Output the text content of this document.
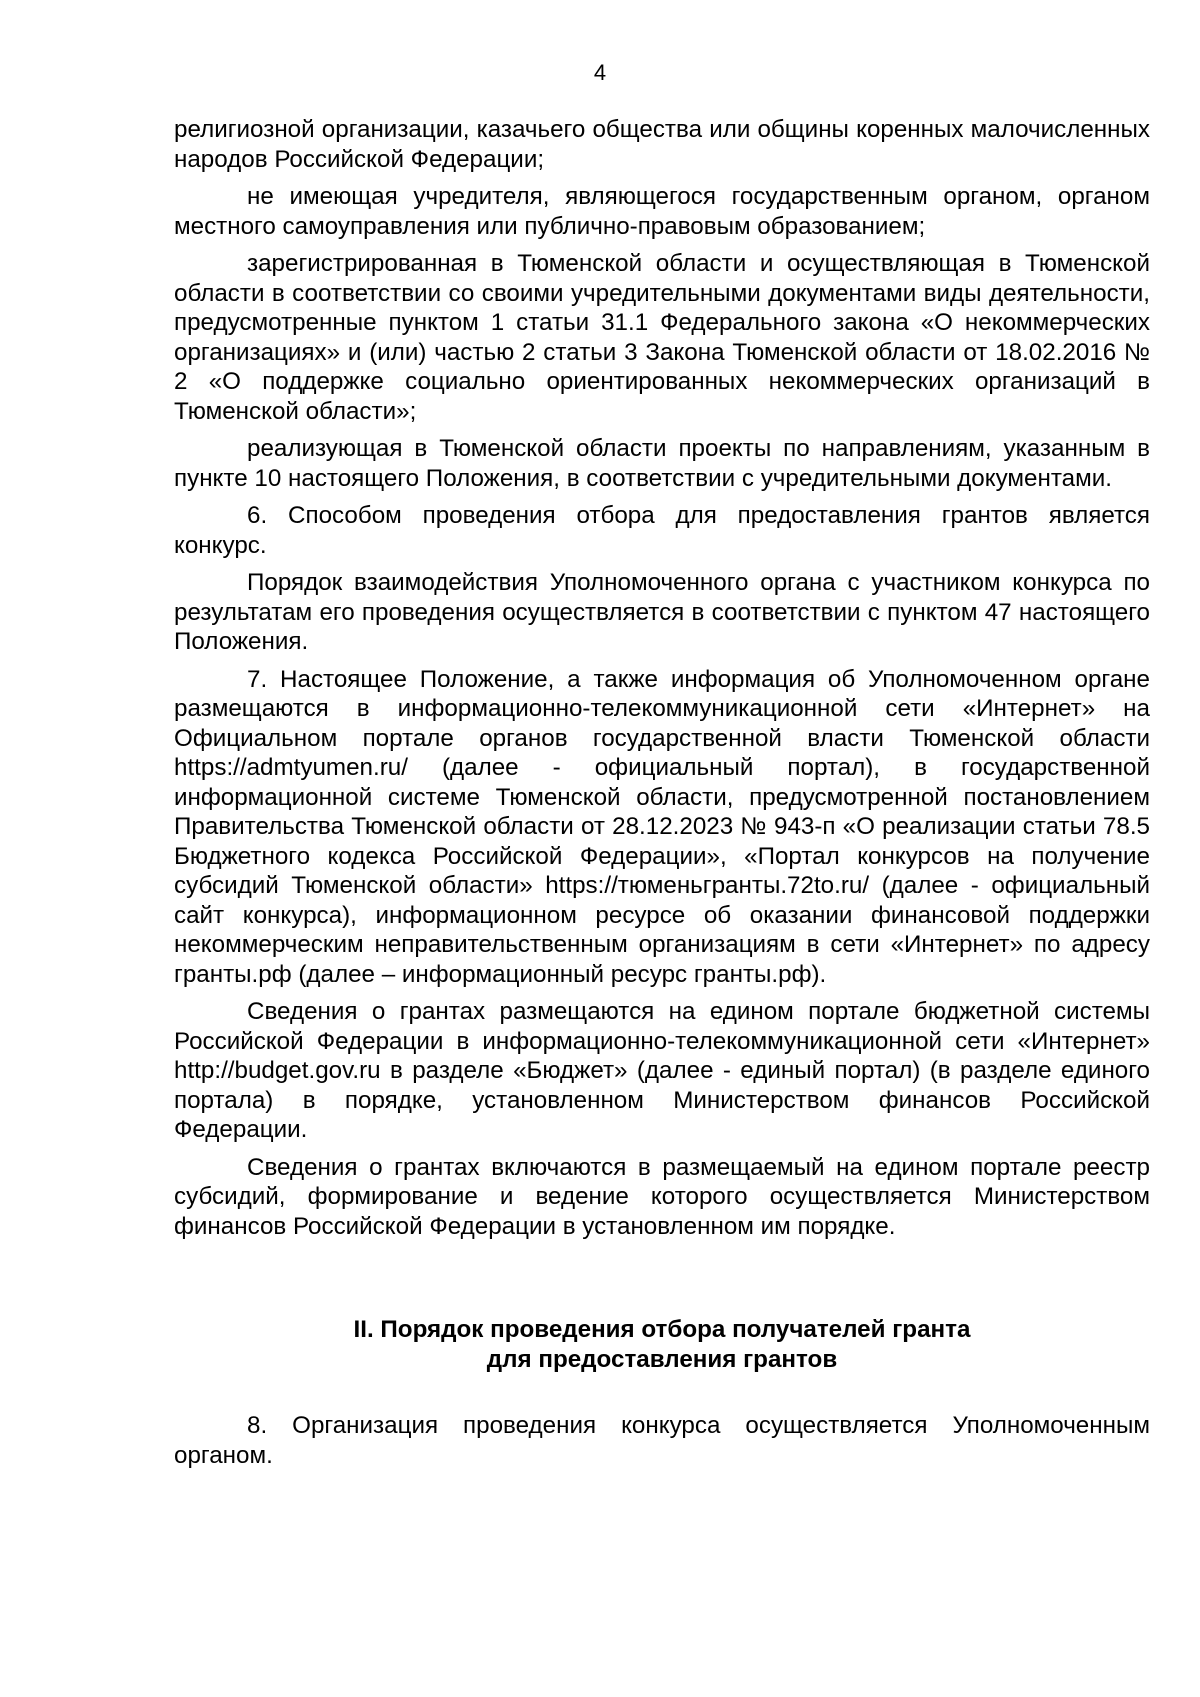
4

религиозной организации, казачьего общества или общины коренных малочисленных народов Российской Федерации;

не имеющая учредителя, являющегося государственным органом, органом местного самоуправления или публично-правовым образованием;

зарегистрированная в Тюменской области и осуществляющая в Тюменской области в соответствии со своими учредительными документами виды деятельности, предусмотренные пунктом 1 статьи 31.1 Федерального закона «О некоммерческих организациях» и (или) частью 2 статьи 3 Закона Тюменской области от 18.02.2016 № 2 «О поддержке социально ориентированных некоммерческих организаций в Тюменской области»;

реализующая в Тюменской области проекты по направлениям, указанным в пункте 10 настоящего Положения, в соответствии с учредительными документами.

6. Способом проведения отбора для предоставления грантов является конкурс.

Порядок взаимодействия Уполномоченного органа с участником конкурса по результатам его проведения осуществляется в соответствии с пунктом 47 настоящего Положения.

7. Настоящее Положение, а также информация об Уполномоченном органе размещаются в информационно-телекоммуникационной сети «Интернет» на Официальном портале органов государственной власти Тюменской области https://admtyumen.ru/ (далее - официальный портал), в государственной информационной системе Тюменской области, предусмотренной постановлением Правительства Тюменской области от 28.12.2023 № 943-п «О реализации статьи 78.5 Бюджетного кодекса Российской Федерации», «Портал конкурсов на получение субсидий Тюменской области» https://тюменьгранты.72to.ru/ (далее - официальный сайт конкурса), информационном ресурсе об оказании финансовой поддержки некоммерческим неправительственным организациям в сети «Интернет» по адресу гранты.рф (далее – информационный ресурс гранты.рф).

Сведения о грантах размещаются на едином портале бюджетной системы Российской Федерации в информационно-телекоммуникационной сети «Интернет» http://budget.gov.ru в разделе «Бюджет» (далее - единый портал) (в разделе единого портала) в порядке, установленном Министерством финансов Российской Федерации.

Сведения о грантах включаются в размещаемый на едином портале реестр субсидий, формирование и ведение которого осуществляется Министерством финансов Российской Федерации в установленном им порядке.

II. Порядок проведения отбора получателей гранта
для предоставления грантов

8. Организация проведения конкурса осуществляется Уполномоченным органом.
